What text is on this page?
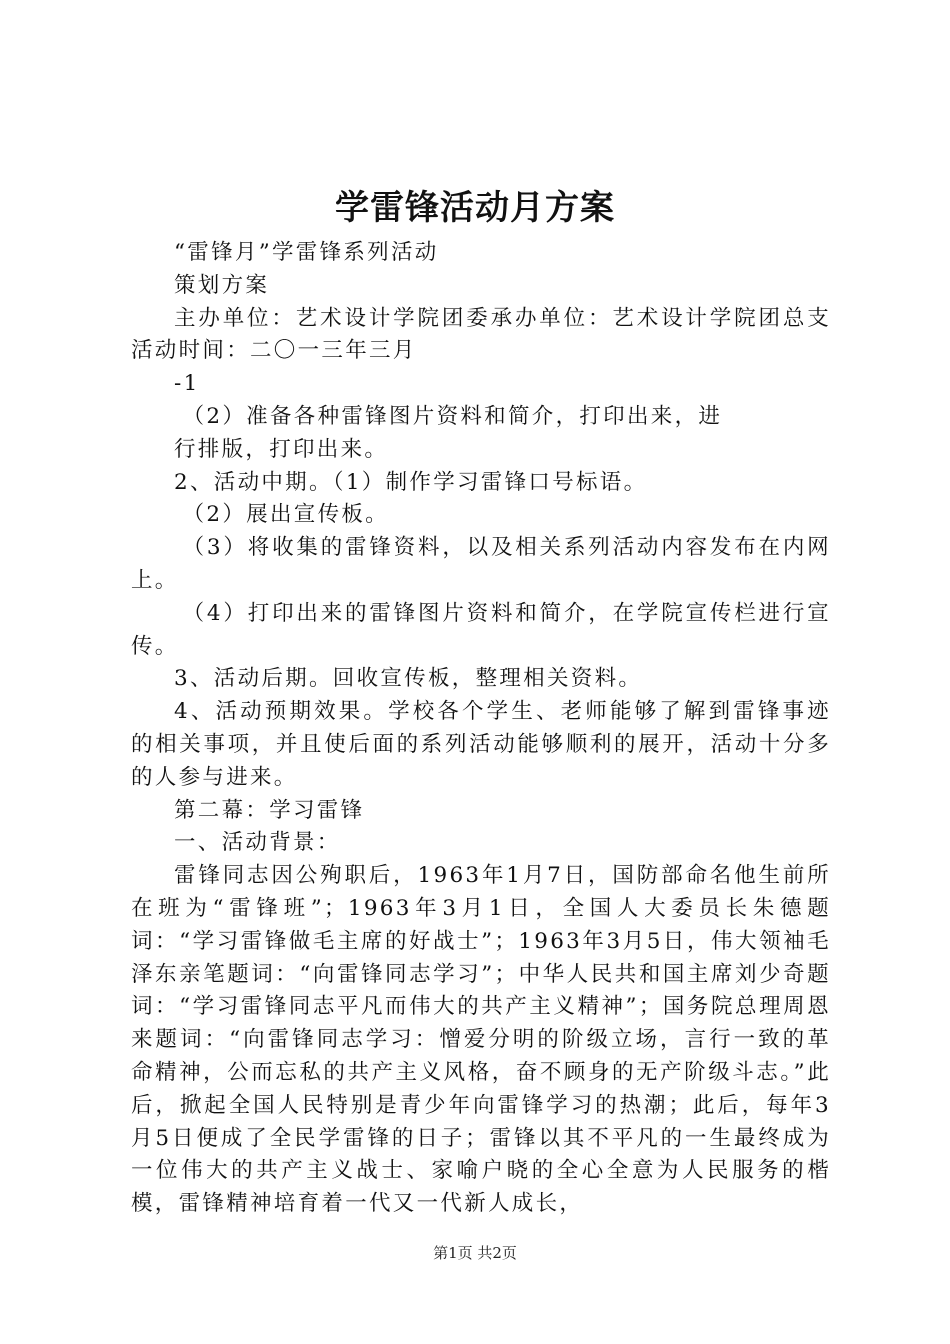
学雷锋活动月方案

“雷锋月”学雷锋系列活动

策划方案

主办单位：艺术设计学院团委承办单位：艺术设计学院团总支活动时间：二〇一三年三月

-1

（2）准备各种雷锋图片资料和简介，打印出来，进

行排版，打印出来。

2、活动中期。（1）制作学习雷锋口号标语。

（2）展出宣传板。

（3）将收集的雷锋资料，以及相关系列活动内容发布在内网上。

（4）打印出来的雷锋图片资料和简介，在学院宣传栏进行宣传。

3、活动后期。回收宣传板，整理相关资料。

4、活动预期效果。学校各个学生、老师能够了解到雷锋事迹的相关事项，并且使后面的系列活动能够顺利的展开，活动十分多的人参与进来。

第二幕：学习雷锋

一、活动背景：

雷锋同志因公殉职后，1963年1月7日，国防部命名他生前所在班为“雷锋班”；1963年3月1日，全国人大委员长朱德题词：“学习雷锋做毛主席的好战士”；1963年3月5日，伟大领袖毛泽东亲笔题词：“向雷锋同志学习”；中华人民共和国主席刘少奇题词：“学习雷锋同志平凡而伟大的共产主义精神”；国务院总理周恩来题词：“向雷锋同志学习：憎爱分明的阶级立场，言行一致的革命精神，公而忘私的共产主义风格，奋不顾身的无产阶级斗志。”此后，掀起全国人民特别是青少年向雷锋学习的热潮；此后，每年3月5日便成了全民学雷锋的日子；雷锋以其不平凡的一生最终成为一位伟大的共产主义战士、家喻户晓的全心全意为人民服务的楷模，雷锋精神培育着一代又一代新人成长，

第1页 共2页
